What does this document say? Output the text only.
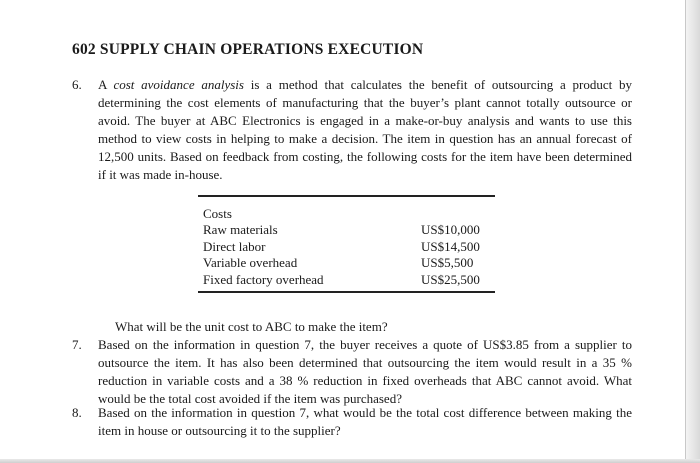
602 SUPPLY CHAIN OPERATIONS EXECUTION
6. A cost avoidance analysis is a method that calculates the benefit of outsourcing a product by determining the cost elements of manufacturing that the buyer’s plant cannot totally outsource or avoid. The buyer at ABC Electronics is engaged in a make-or-buy analysis and wants to use this method to view costs in helping to make a decision. The item in question has an annual forecast of 12,500 units. Based on feedback from costing, the following costs for the item have been determined if it was made in-house.
Costs
Raw materials	US$10,000
Direct labor	US$14,500
Variable overhead	US$5,500
Fixed factory overhead	US$25,500
What will be the unit cost to ABC to make the item?
7. Based on the information in question 7, the buyer receives a quote of US$3.85 from a supplier to outsource the item. It has also been determined that outsourcing the item would result in a 35 % reduction in variable costs and a 38 % reduction in fixed overheads that ABC cannot avoid. What would be the total cost avoided if the item was purchased?
8. Based on the information in question 7, what would be the total cost difference between making the item in house or outsourcing it to the supplier?
